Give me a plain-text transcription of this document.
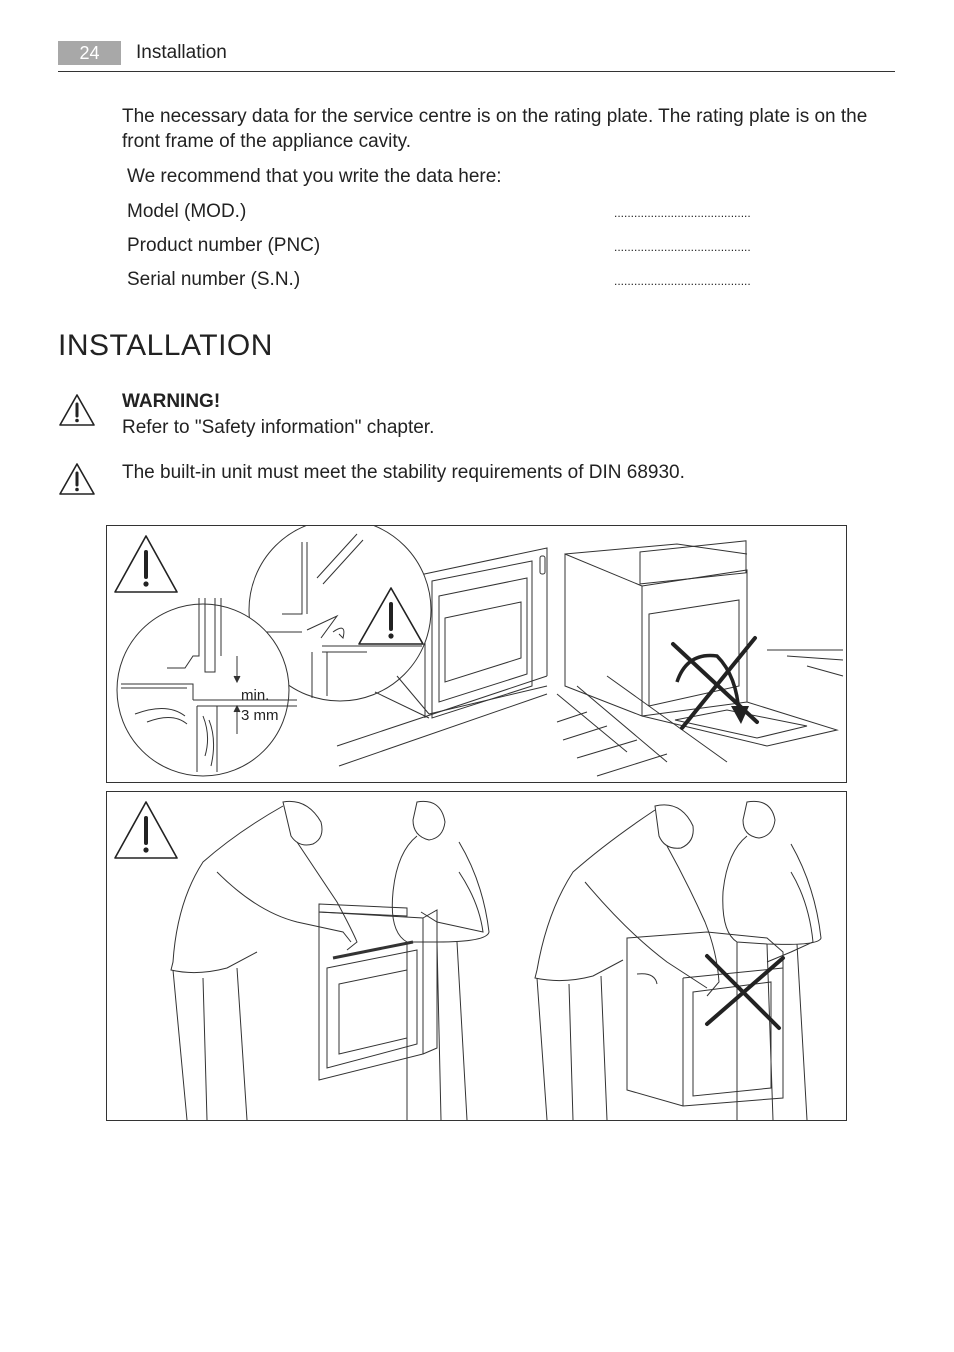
24	Installation
The necessary data for the service centre is on the rating plate. The rating plate is on the front frame of the appliance cavity.
We recommend that you write the data here:
Model (MOD.)	.........................................
Product number (PNC)	.........................................
Serial number (S.N.)	.........................................
INSTALLATION
WARNING!
Refer to "Safety information" chapter.
The built-in unit must meet the stability requirements of DIN 68930.
min.
3 mm
